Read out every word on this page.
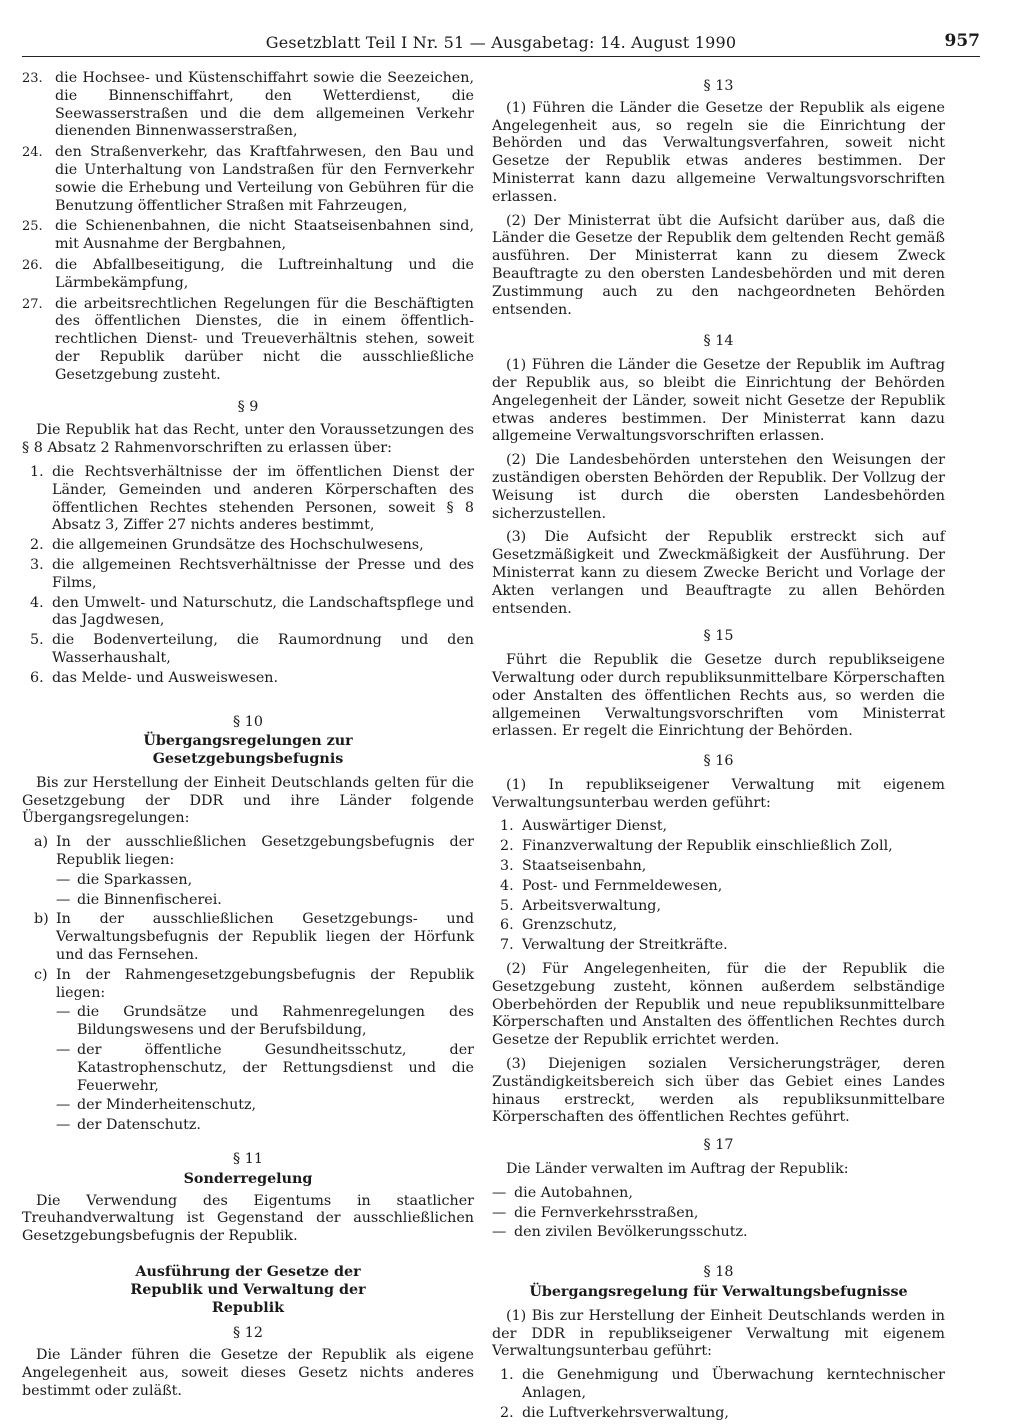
Gesetzblatt Teil I Nr. 51 — Ausgabetag: 14. August 1990	957
23. die Hochsee- und Küstenschiffahrt sowie die Seezeichen, die Binnenschiffahrt, den Wetterdienst, die Seewasserstraßen und die dem allgemeinen Verkehr dienenden Binnenwasserstraßen,
24. den Straßenverkehr, das Kraftfahrwesen, den Bau und die Unterhaltung von Landstraßen für den Fernverkehr sowie die Erhebung und Verteilung von Gebühren für die Benutzung öffentlicher Straßen mit Fahrzeugen,
25. die Schienenbahnen, die nicht Staatseisenbahnen sind, mit Ausnahme der Bergbahnen,
26. die Abfallbeseitigung, die Luftreinhaltung und die Lärmbekämpfung,
27. die arbeitsrechtlichen Regelungen für die Beschäftigten des öffentlichen Dienstes, die in einem öffentlich-rechtlichen Dienst- und Treueverhältnis stehen, soweit der Republik darüber nicht die ausschließliche Gesetzgebung zusteht.
§ 9

Die Republik hat das Recht, unter den Voraussetzungen des § 8 Absatz 2 Rahmenvorschriften zu erlassen über:

1. die Rechtsverhältnisse der im öffentlichen Dienst der Länder, Gemeinden und anderen Körperschaften des öffentlichen Rechtes stehenden Personen, soweit § 8 Absatz 3, Ziffer 27 nichts anderes bestimmt,
2. die allgemeinen Grundsätze des Hochschulwesens,
3. die allgemeinen Rechtsverhältnisse der Presse und des Films,
4. den Umwelt- und Naturschutz, die Landschaftspflege und das Jagdwesen,
5. die Bodenverteilung, die Raumordnung und den Wasserhaushalt,
6. das Melde- und Ausweiswesen.
§ 10
Übergangsregelungen zur Gesetzgebungsbefugnis

Bis zur Herstellung der Einheit Deutschlands gelten für die Gesetzgebung der DDR und ihre Länder folgende Übergangsregelungen:

a) In der ausschließlichen Gesetzgebungsbefugnis der Republik liegen:
— die Sparkassen,
— die Binnenfischerei.
b) In der ausschließlichen Gesetzgebungs- und Verwaltungsbefugnis der Republik liegen der Hörfunk und das Fernsehen.
c) In der Rahmengesetzgebungsbefugnis der Republik liegen:
— die Grundsätze und Rahmenregelungen des Bildungswesens und der Berufsbildung,
— der öffentliche Gesundheitsschutz, der Katastrophenschutz, der Rettungsdienst und die Feuerwehr,
— der Minderheitenschutz,
— der Datenschutz.
§ 11
Sonderregelung

Die Verwendung des Eigentums in staatlicher Treuhandverwaltung ist Gegenstand der ausschließlichen Gesetzgebungsbefugnis der Republik.

Ausführung der Gesetze der Republik und Verwaltung der Republik
§ 12

Die Länder führen die Gesetze der Republik als eigene Angelegenheit aus, soweit dieses Gesetz nichts anderes bestimmt oder zuläßt.

§ 13

(1) Führen die Länder die Gesetze der Republik als eigene Angelegenheit aus, so regeln sie die Einrichtung der Behörden und das Verwaltungsverfahren, soweit nicht Gesetze der Republik etwas anderes bestimmen. Der Ministerrat kann dazu allgemeine Verwaltungsvorschriften erlassen.

(2) Der Ministerrat übt die Aufsicht darüber aus, daß die Länder die Gesetze der Republik dem geltenden Recht gemäß ausführen. Der Ministerrat kann zu diesem Zweck Beauftragte zu den obersten Landesbehörden und mit deren Zustimmung auch zu den nachgeordneten Behörden entsenden.

§ 14

(1) Führen die Länder die Gesetze der Republik im Auftrag der Republik aus, so bleibt die Einrichtung der Behörden Angelegenheit der Länder, soweit nicht Gesetze der Republik etwas anderes bestimmen. Der Ministerrat kann dazu allgemeine Verwaltungsvorschriften erlassen.

(2) Die Landesbehörden unterstehen den Weisungen der zuständigen obersten Behörden der Republik. Der Vollzug der Weisung ist durch die obersten Landesbehörden sicherzustellen.

(3) Die Aufsicht der Republik erstreckt sich auf Gesetzmäßigkeit und Zweckmäßigkeit der Ausführung. Der Ministerrat kann zu diesem Zwecke Bericht und Vorlage der Akten verlangen und Beauftragte zu allen Behörden entsenden.

§ 15

Führt die Republik die Gesetze durch republikseigene Verwaltung oder durch republiksunmittelbare Körperschaften oder Anstalten des öffentlichen Rechts aus, so werden die allgemeinen Verwaltungsvorschriften vom Ministerrat erlassen. Er regelt die Einrichtung der Behörden.

§ 16

(1) In republikseigener Verwaltung mit eigenem Verwaltungsunterbau werden geführt:

1. Auswärtiger Dienst,
2. Finanzverwaltung der Republik einschließlich Zoll,
3. Staatseisenbahn,
4. Post- und Fernmeldewesen,
5. Arbeitsverwaltung,
6. Grenzschutz,
7. Verwaltung der Streitkräfte.

(2) Für Angelegenheiten, für die der Republik die Gesetzgebung zusteht, können außerdem selbständige Oberbehörden der Republik und neue republiksunmittelbare Körperschaften und Anstalten des öffentlichen Rechtes durch Gesetze der Republik errichtet werden.

(3) Diejenigen sozialen Versicherungsträger, deren Zuständigkeitsbereich sich über das Gebiet eines Landes hinaus erstreckt, werden als republiksunmittelbare Körperschaften des öffentlichen Rechtes geführt.

§ 17

Die Länder verwalten im Auftrag der Republik:

— die Autobahnen,
— die Fernverkehrsstraßen,
— den zivilen Bevölkerungsschutz.
§ 18
Übergangsregelung für Verwaltungsbefugnisse

(1) Bis zur Herstellung der Einheit Deutschlands werden in der DDR in republikseigener Verwaltung mit eigenem Verwaltungsunterbau geführt:

1. die Genehmigung und Überwachung kerntechnischer Anlagen,
2. die Luftverkehrsverwaltung,
